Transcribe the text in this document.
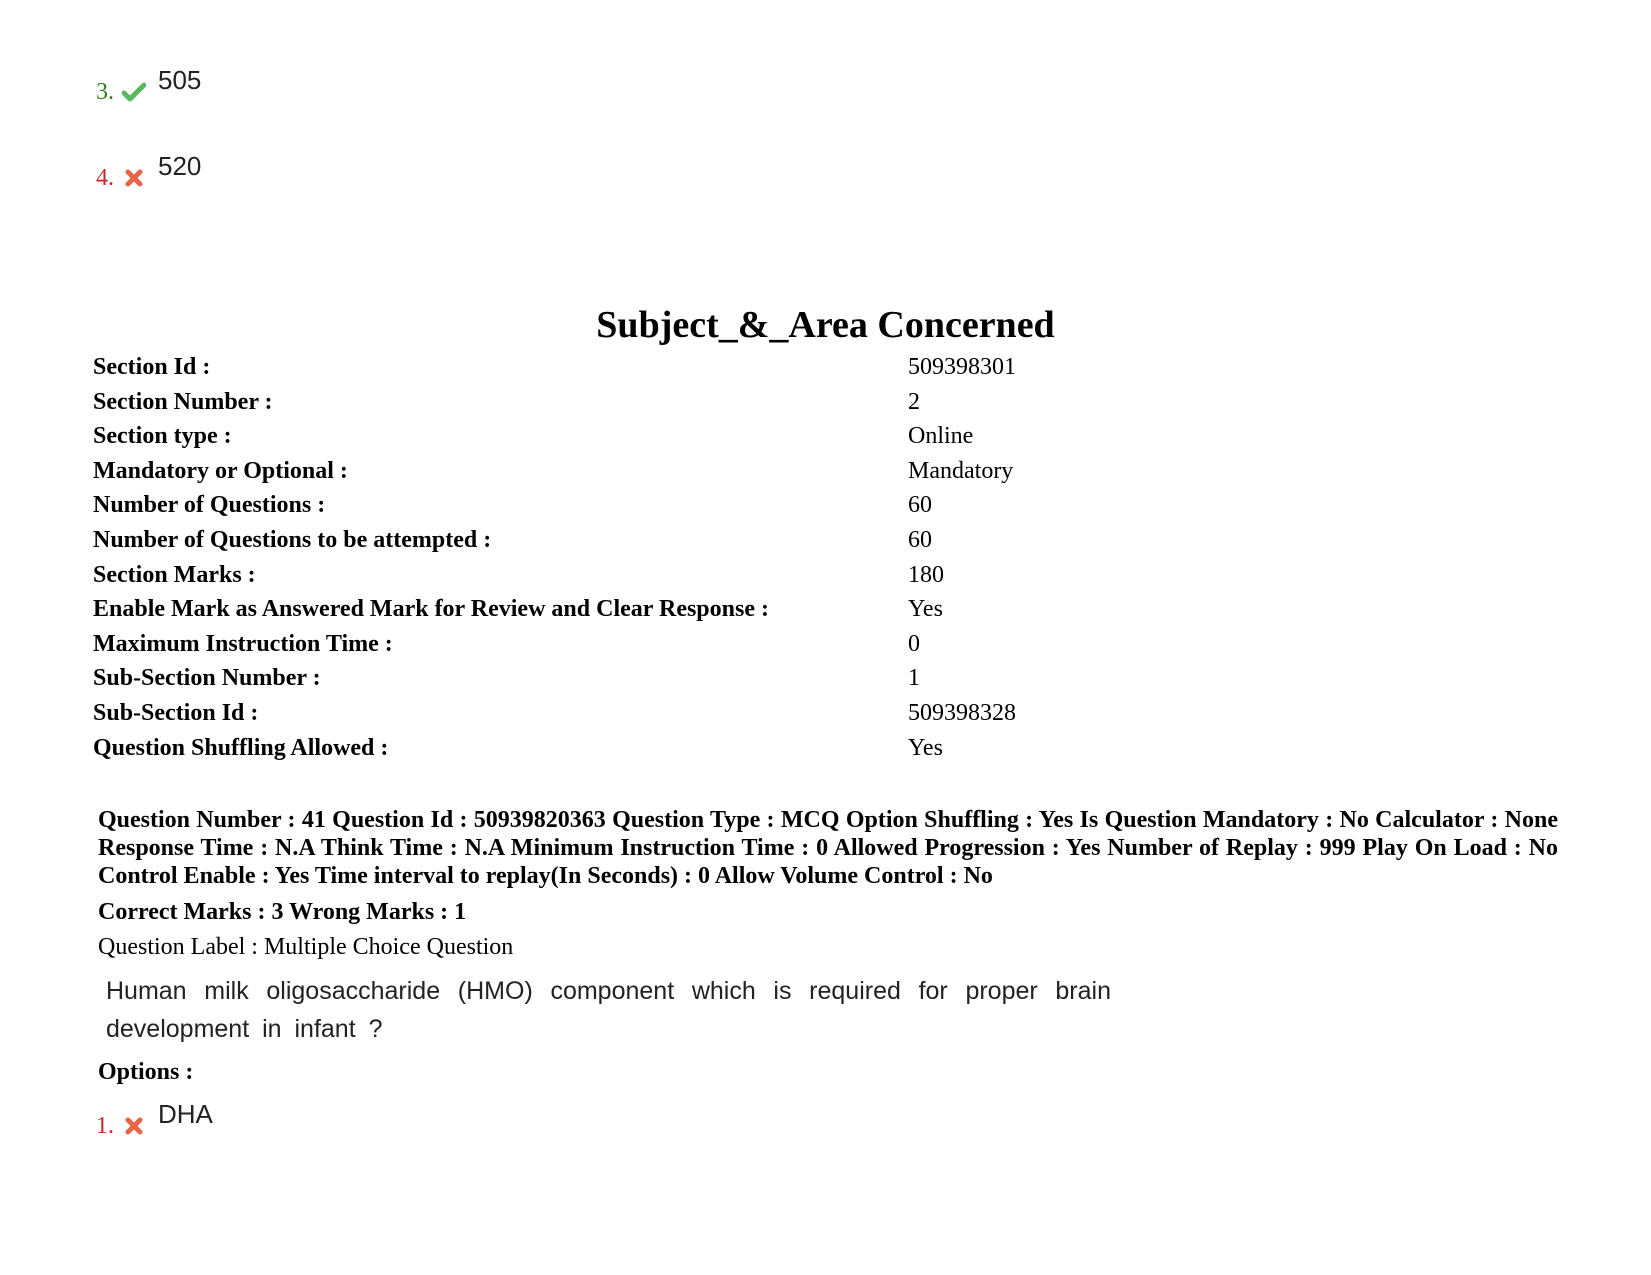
3. 505
4. 520
Subject_&_Area Concerned
Section Id :	509398301
Section Number :	2
Section type :	Online
Mandatory or Optional :	Mandatory
Number of Questions :	60
Number of Questions to be attempted :	60
Section Marks :	180
Enable Mark as Answered Mark for Review and Clear Response :	Yes
Maximum Instruction Time :	0
Sub-Section Number :	1
Sub-Section Id :	509398328
Question Shuffling Allowed :	Yes
Question Number : 41 Question Id : 50939820363 Question Type : MCQ Option Shuffling : Yes Is Question Mandatory : No Calculator : None Response Time : N.A Think Time : N.A Minimum Instruction Time : 0 Allowed Progression : Yes Number of Replay : 999 Play On Load : No Control Enable : Yes Time interval to replay(In Seconds) : 0 Allow Volume Control : No
Correct Marks : 3 Wrong Marks : 1
Question Label : Multiple Choice Question
Human milk oligosaccharide (HMO) component which is required for proper brain development in infant ?
Options :
1. DHA
